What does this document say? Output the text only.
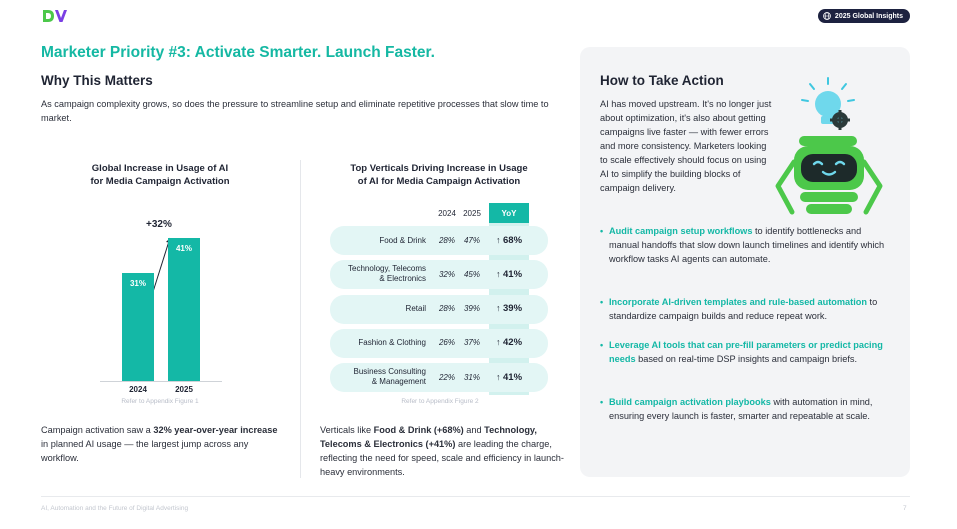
2025 Global Insights
Marketer Priority #3: Activate Smarter. Launch Faster.
Why This Matters
As campaign complexity grows, so does the pressure to streamline setup and eliminate repetitive processes that slow time to market.
Global Increase in Usage of AI
for Media Campaign Activation
+32%
31%
2024
41%
2025
Refer to Appendix Figure 1
Campaign activation saw a 32% year-over-year increase in planned AI usage — the largest jump across any workflow.
Top Verticals Driving Increase in Usage
of AI for Media Campaign Activation
2024 2025
Food & Drink	28%	47%	↑ 68%
Technology, Telecoms
& Electronics	32%	45%	↑ 41%
Retail	28%	39%	↑ 39%
Fashion & Clothing	26%	37%	↑ 42%
Business Consulting
& Management	22%	31%	↑ 41%
YoY
Refer to Appendix Figure 2
Verticals like Food & Drink (+68%) and Technology, Telecoms & Electronics (+41%) are leading the charge, reflecting the need for speed, scale and efficiency in launch-heavy environments.
How to Take Action
AI has moved upstream. It's no longer just about optimization, it's also about getting campaigns live faster — with fewer errors and more consistency. Marketers looking to scale effectively should focus on using AI to simplify the building blocks of campaign delivery.
• Audit campaign setup workflows to identify bottlenecks and manual handoffs that slow down launch timelines and identify which workflow tasks AI agents can automate.
• Incorporate AI-driven templates and rule-based automation to standardize campaign builds and reduce repeat work.
• Leverage AI tools that can pre-fill parameters or predict pacing needs based on real-time DSP insights and campaign briefs.
• Build campaign activation playbooks with automation in mind, ensuring every launch is faster, smarter and repeatable at scale.
AI, Automation and the Future of Digital Advertising	7
